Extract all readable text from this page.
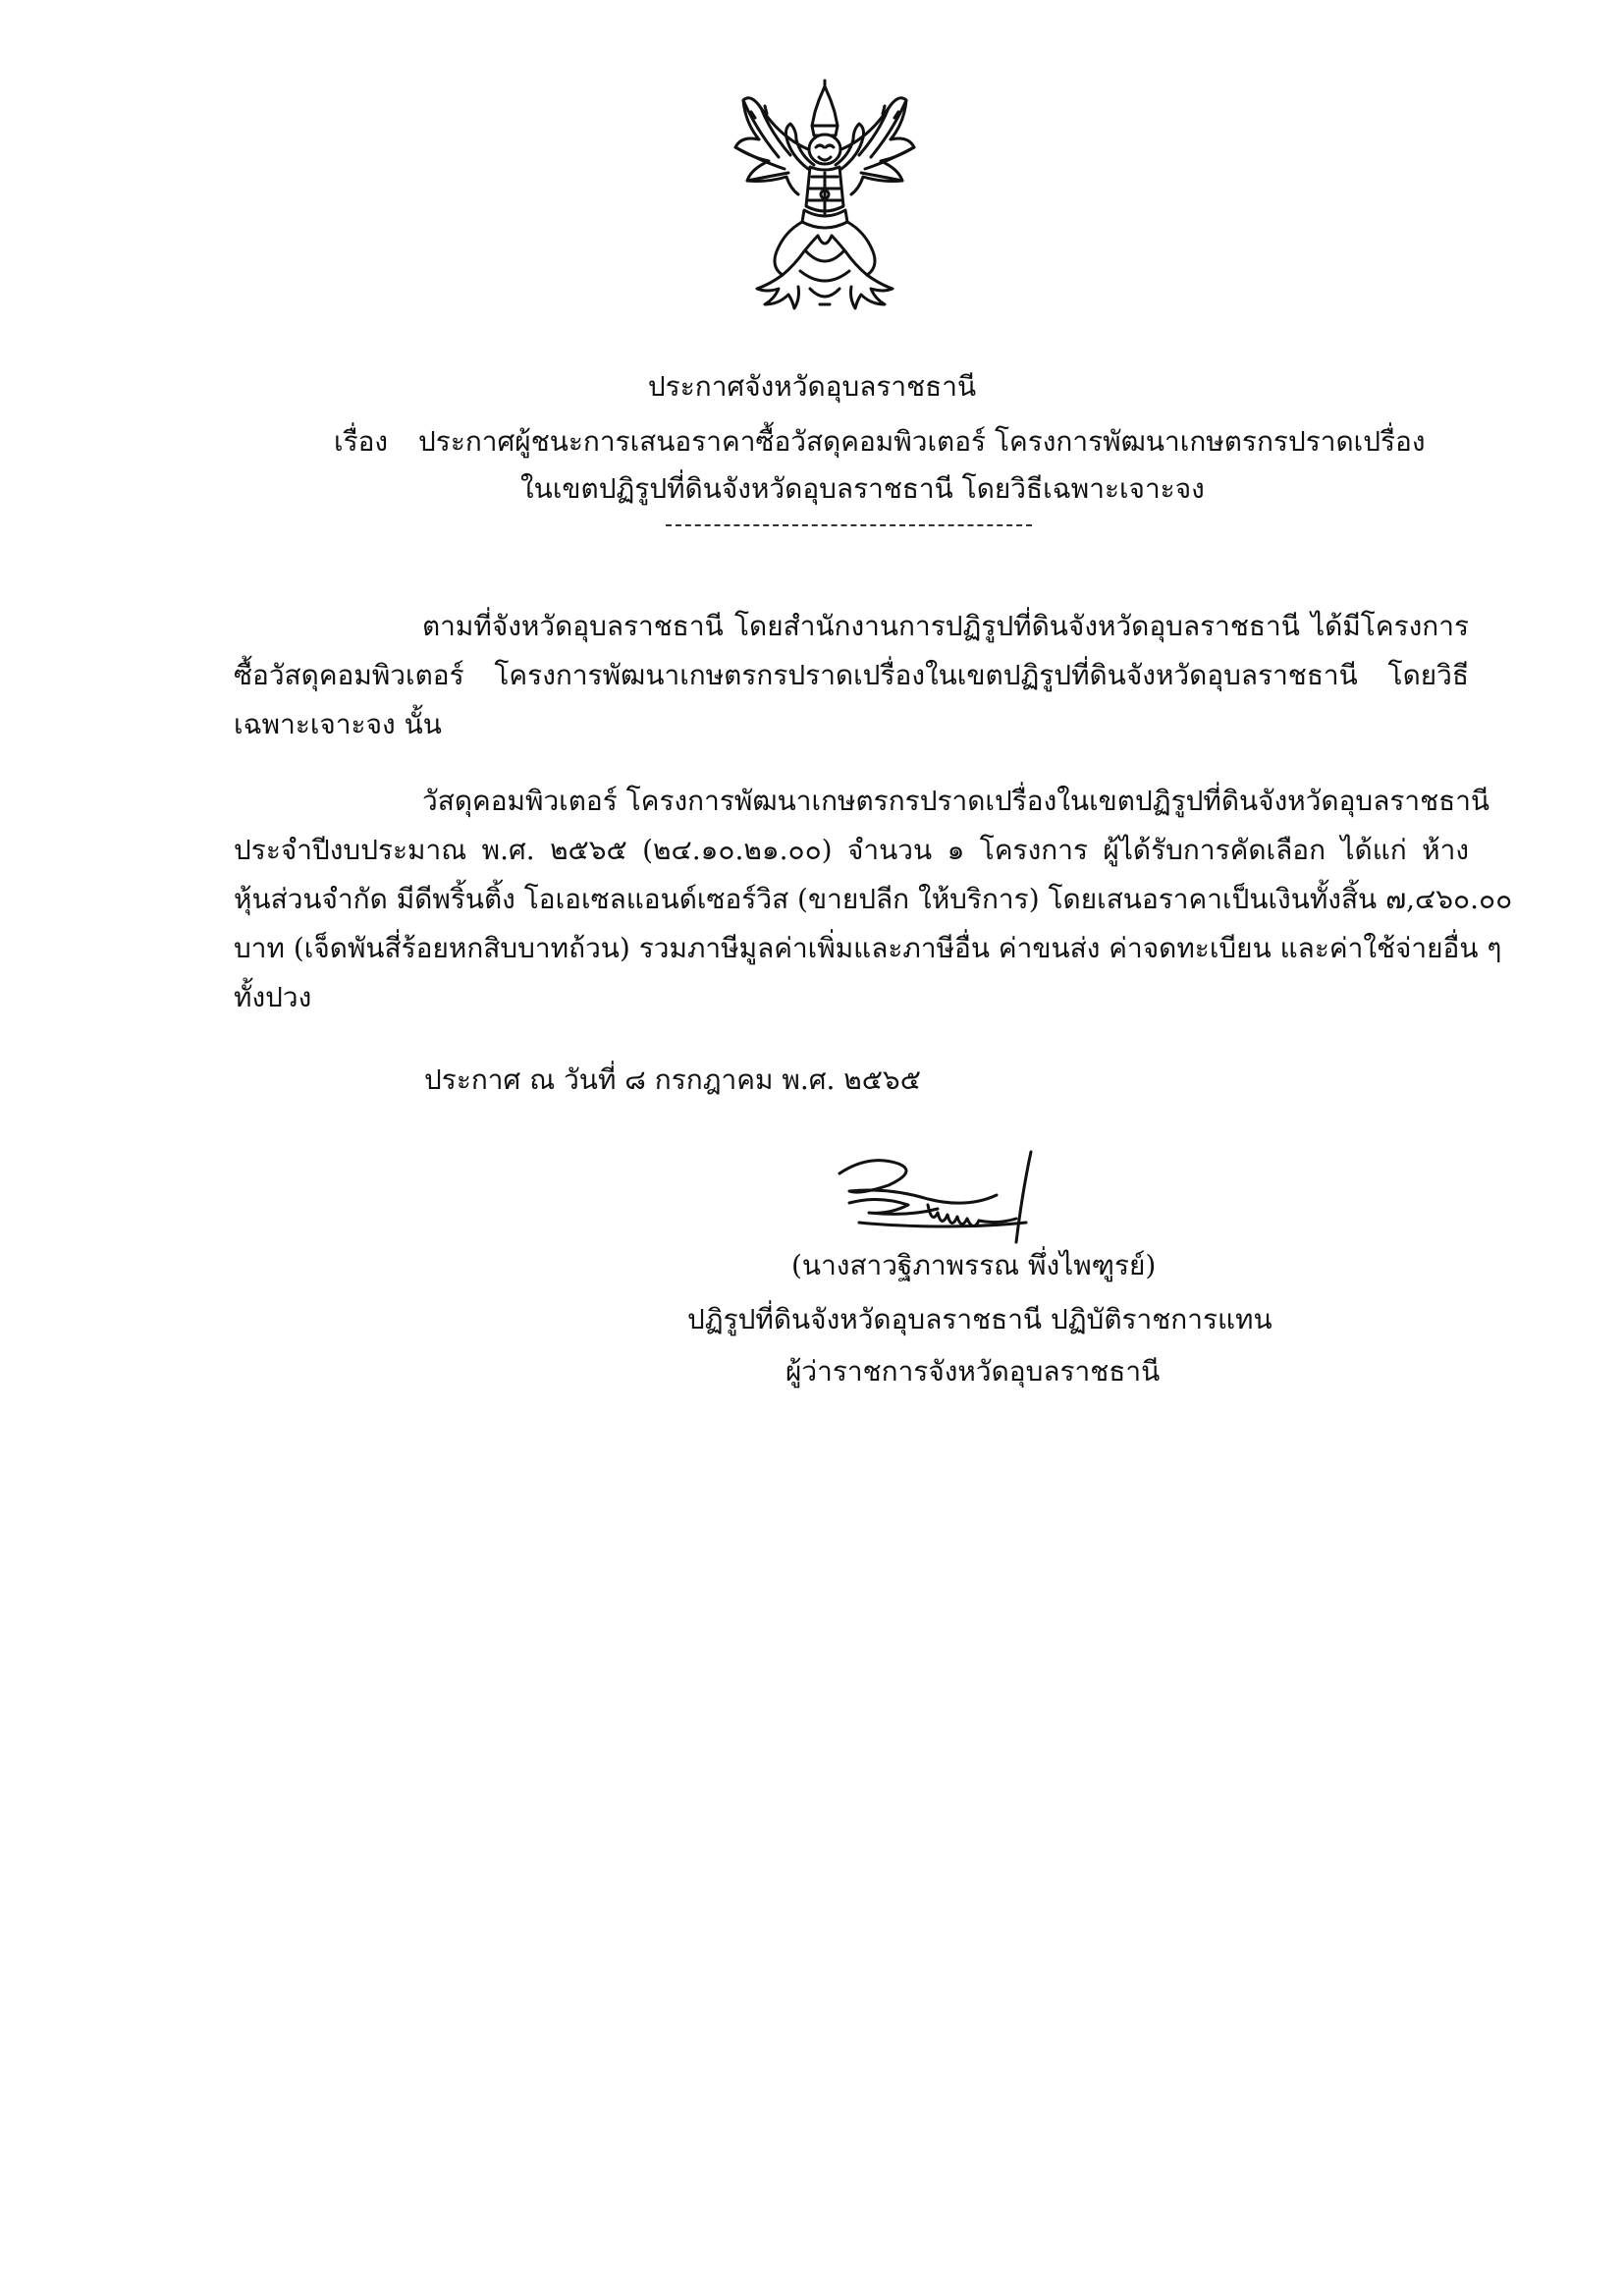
ประกาศจังหวัดอุบลราชธานี
เรื่อง ประกาศผู้ชนะการเสนอราคาซื้อวัสดุคอมพิวเตอร์ โครงการพัฒนาเกษตรกรปราดเปรื่อง
ในเขตปฏิรูปที่ดินจังหวัดอุบลราชธานี โดยวิธีเฉพาะเจาะจง
ตามที่จังหวัดอุบลราชธานี โดยสำนักงานการปฏิรูปที่ดินจังหวัดอุบลราชธานี ได้มีโครงการ
ซื้อวัสดุคอมพิวเตอร์ โครงการพัฒนาเกษตรกรปราดเปรื่องในเขตปฏิรูปที่ดินจังหวัดอุบลราชธานี โดยวิธี
เฉพาะเจาะจง นั้น
วัสดุคอมพิวเตอร์ โครงการพัฒนาเกษตรกรปราดเปรื่องในเขตปฏิรูปที่ดินจังหวัดอุบลราชธานี
ประจำปีงบประมาณ พ.ศ. ๒๕๖๕ (๒๔.๑๐.๒๑.๐๐) จำนวน ๑ โครงการ ผู้ได้รับการคัดเลือก ได้แก่ ห้าง
หุ้นส่วนจำกัด มีดีพริ้นติ้ง โอเอเซลแอนด์เซอร์วิส (ขายปลีก ให้บริการ) โดยเสนอราคาเป็นเงินทั้งสิ้น ๗,๔๖๐.๐๐
บาท (เจ็ดพันสี่ร้อยหกสิบบาทถ้วน) รวมภาษีมูลค่าเพิ่มและภาษีอื่น ค่าขนส่ง ค่าจดทะเบียน และค่าใช้จ่ายอื่น ๆ
ทั้งปวง
ประกาศ ณ วันที่ ๘ กรกฎาคม พ.ศ. ๒๕๖๕
(นางสาวฐิภาพรรณ พึ่งไพฑูรย์)
ปฏิรูปที่ดินจังหวัดอุบลราชธานี ปฏิบัติราชการแทน
ผู้ว่าราชการจังหวัดอุบลราชธานี
